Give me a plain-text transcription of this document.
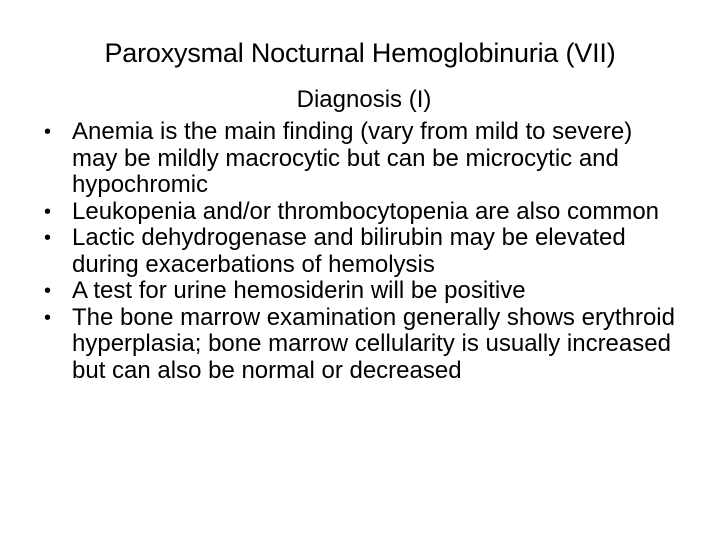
Paroxysmal Nocturnal Hemoglobinuria (VII)
Diagnosis (I)
• Anemia is the main finding (vary from mild to severe) may be mildly macrocytic but can be microcytic and hypochromic
• Leukopenia and/or thrombocytopenia are also common
• Lactic dehydrogenase and bilirubin may be elevated during exacerbations of hemolysis
• A test for urine hemosiderin will be positive
• The bone marrow examination generally shows erythroid hyperplasia; bone marrow cellularity is usually increased but can also be normal or decreased
